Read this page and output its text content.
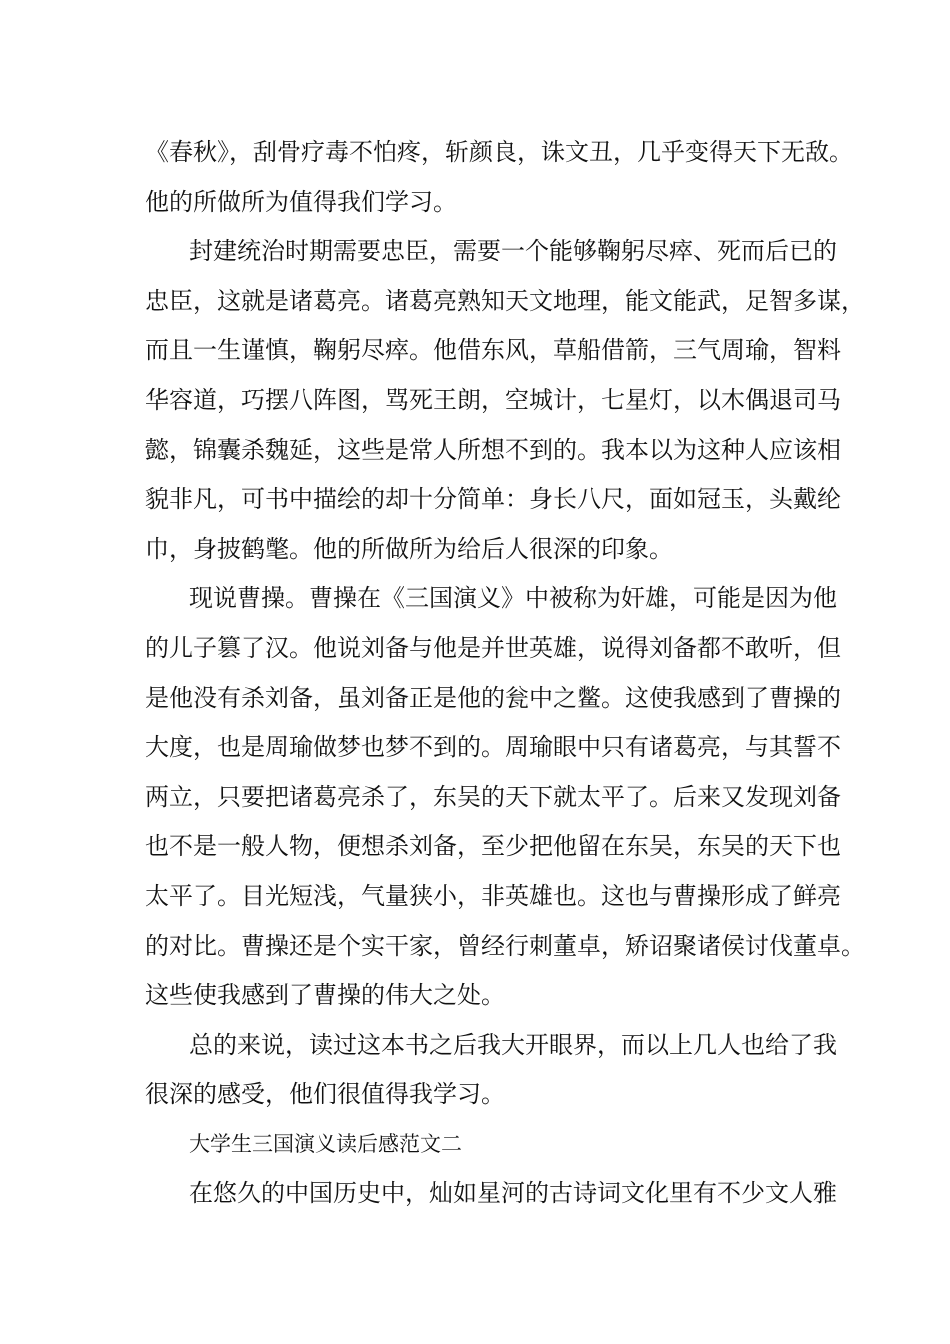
《春秋》，刮骨疗毒不怕疼，斩颜良，诛文丑，几乎变得天下无敌。
他的所做所为值得我们学习。
封建统治时期需要忠臣，需要一个能够鞠躬尽瘁、死而后已的
忠臣，这就是诸葛亮。诸葛亮熟知天文地理，能文能武，足智多谋，
而且一生谨慎，鞠躬尽瘁。他借东风，草船借箭，三气周瑜，智料
华容道，巧摆八阵图，骂死王朗，空城计，七星灯，以木偶退司马
懿，锦囊杀魏延，这些是常人所想不到的。我本以为这种人应该相
貌非凡，可书中描绘的却十分简单：身长八尺，面如冠玉，头戴纶
巾，身披鹤氅。他的所做所为给后人很深的印象。
现说曹操。曹操在《三国演义》中被称为奸雄，可能是因为他
的儿子篡了汉。他说刘备与他是并世英雄，说得刘备都不敢听，但
是他没有杀刘备，虽刘备正是他的瓮中之鳖。这使我感到了曹操的
大度，也是周瑜做梦也梦不到的。周瑜眼中只有诸葛亮，与其誓不
两立，只要把诸葛亮杀了，东吴的天下就太平了。后来又发现刘备
也不是一般人物，便想杀刘备，至少把他留在东吴，东吴的天下也
太平了。目光短浅，气量狭小，非英雄也。这也与曹操形成了鲜亮
的对比。曹操还是个实干家，曾经行刺董卓，矫诏聚诸侯讨伐董卓。
这些使我感到了曹操的伟大之处。
总的来说，读过这本书之后我大开眼界，而以上几人也给了我
很深的感受，他们很值得我学习。
大学生三国演义读后感范文二
在悠久的中国历史中，灿如星河的古诗词文化里有不少文人雅
